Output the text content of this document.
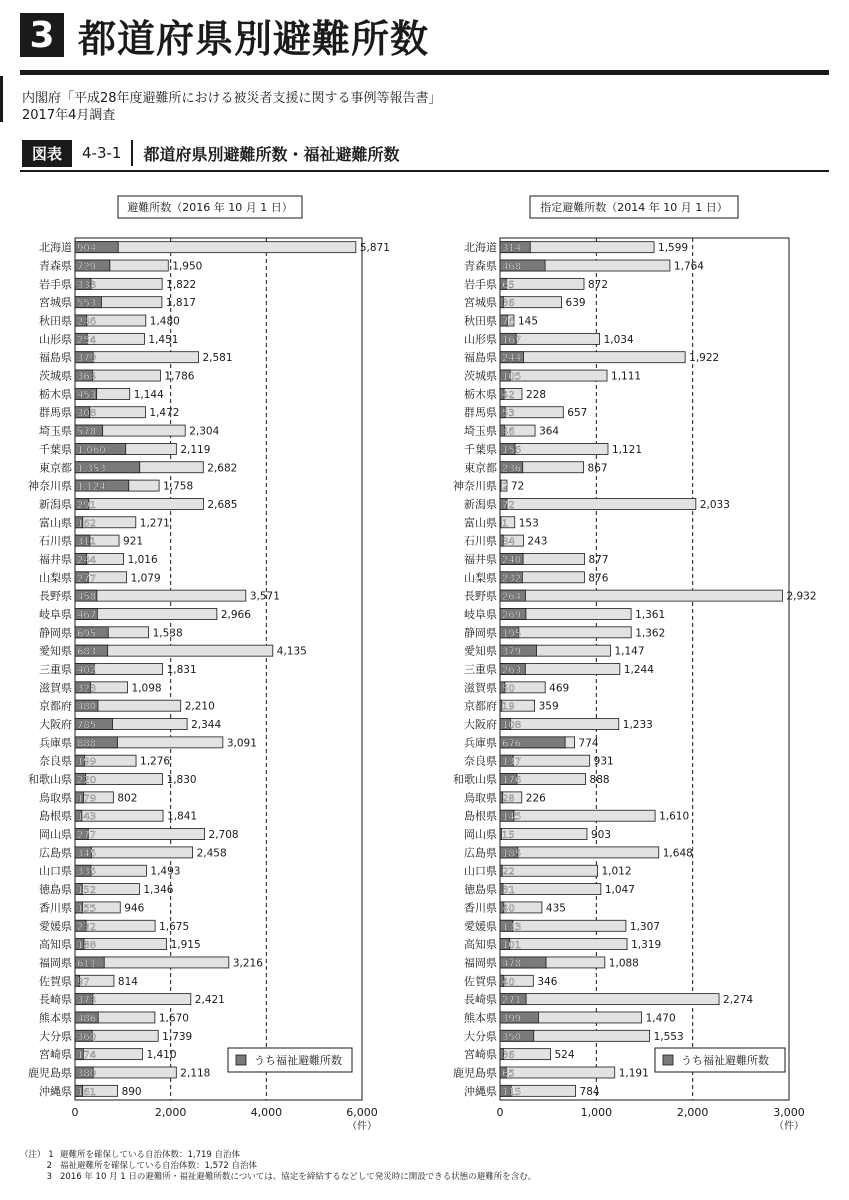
3 都道府県別避難所数
内閣府「平成28年度避難所における被災者支援に関する事例等報告書」
2017年4月調査
図表	4-3-1 都道府県別避難所数・福祉避難所数
避難所数（2016 年 10 月 1 日）
0	2,000	4,000	6,000
（件）
北海道 904	5,871
青森県 729	1,950
岩手県 333	1,822
宮城県 553	1,817
秋田県 246	1,480
山形県 254	1,451
福島県 379	2,581
茨城県 364	1,786
栃木県 453	1,144
群馬県 308	1,472
埼玉県 578	2,304
千葉県 1,060	2,119
東京都 1,353	2,682
神奈川県 1,124	1,758
新潟県 291	2,685
富山県 162	1,271
石川県 311	921
福井県 244	1,016
山梨県 277	1,079
長野県 458	3,571
岐阜県 467	2,966
静岡県 695	1,538
愛知県 683	4,135
三重県 402	1,831
滋賀県 323	1,098
京都府 480	2,210
大阪府 785	2,344
兵庫県 888	3,091
奈良県 199	1,276
和歌山県 220	1,830
鳥取県 179 802
島根県 143	1,841
岡山県 277	2,708
広島県 345	2,458
山口県 335	1,493
徳島県 152	1,346
香川県 155	946
愛媛県 232	1,675
高知県 188	1,915
福岡県 611	3,216
佐賀県 97	814
長崎県 373	2,421
熊本県 486	1,670
大分県 360	1,739
宮崎県 174	1,410
鹿児島県 380	2,118
沖縄県 161 890
うち福祉避難所数
指定避難所数（2014 年 10 月 1 日）
0	1,000	2,000	3,000
（件）
北海道 314	1,599
青森県 468	1,764
岩手県 65	872
宮城県 36	639
秋田県 76 145
山形県 167	1,034
福島県 244	1,922
茨城県 105	1,111
栃木県 42 228
群馬県 53	657
埼玉県 46 364
千葉県 156	1,121
東京都 236	867
神奈川県 2 72
新潟県 72	2,033
富山県 1 153
石川県 34 243
福井県 240	877
山梨県 232	876
長野県 264	2,932
岐阜県 269	1,361
静岡県 195	1,362
愛知県 379	1,147
三重県 263	1,244
滋賀県 50	469
京都府 19 359
大阪府 108	1,233
兵庫県 676	774
奈良県 137	931
和歌山県 176	888
鳥取県 28 226
島根県 145	1,610
岡山県 15	903
広島県 185	1,648
山口県 22	1,012
徳島県 31	1,047
香川県 40	435
愛媛県 133	1,307
高知県 101	1,319
福岡県 478	1,088
佐賀県 40 346
長崎県 271	2,274
熊本県 399	1,470
大分県 350	1,553
宮崎県 36	524
鹿児島県 65	1,191
沖縄県 115	784
うち福祉避難所数
（注） 1 避難所を確保している自治体数：1,719 自治体
2 福祉避難所を確保している自治体数：1,572 自治体
3 2016 年 10 月 1 日の避難所・福祉避難所数については、協定を締結するなどして発災時に開設できる状態の避難所を含む。
